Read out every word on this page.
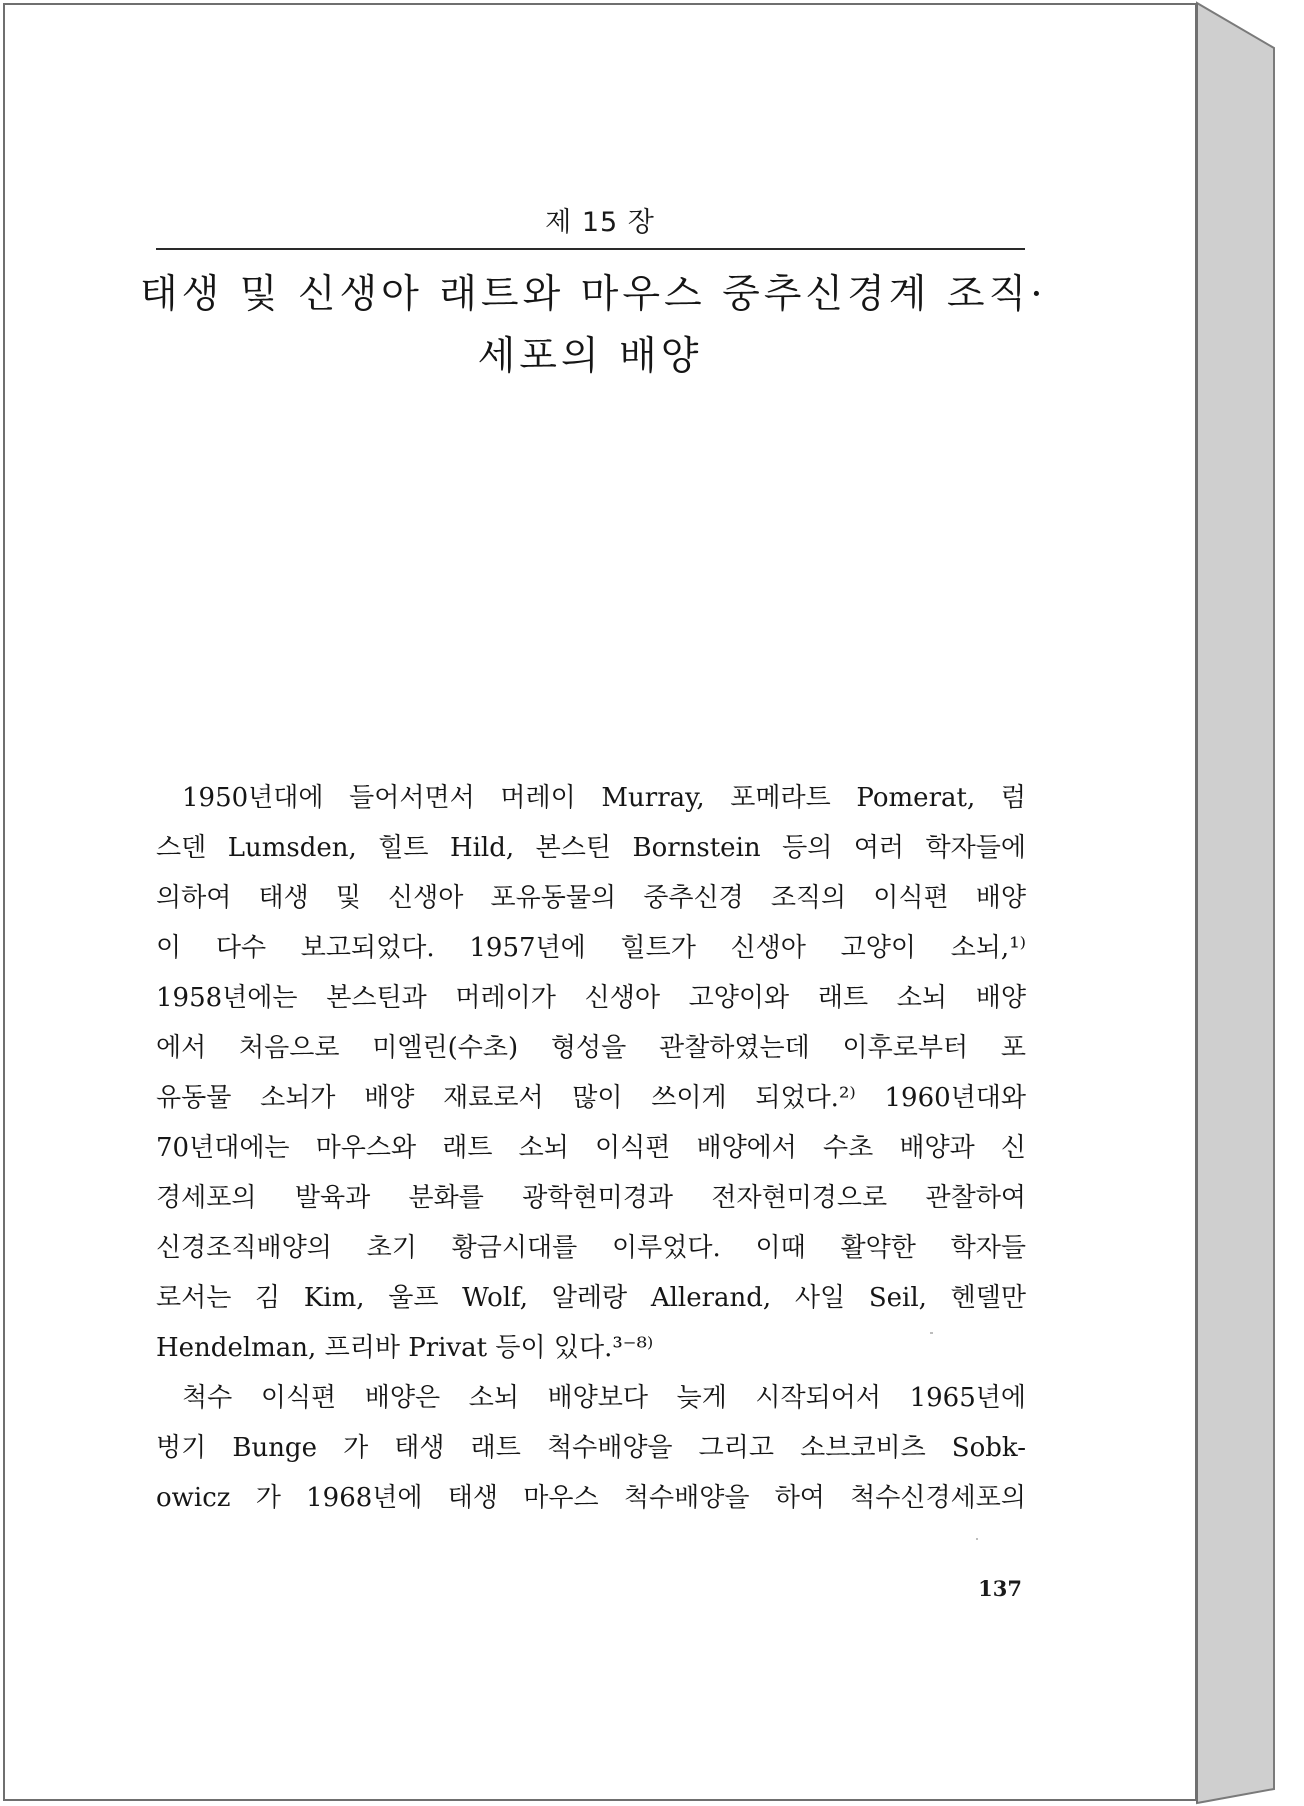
제 15 장
태생 및 신생아 래트와 마우스 중추신경계 조직·
세포의 배양
1950년대에 들어서면서 머레이 Murray, 포메라트 Pomerat, 럼
스덴 Lumsden, 힐트 Hild, 본스틴 Bornstein 등의 여러 학자들에
의하여 태생 및 신생아 포유동물의 중추신경 조직의 이식편 배양
이 다수 보고되었다. 1957년에 힐트가 신생아 고양이 소뇌,¹⁾
1958년에는 본스틴과 머레이가 신생아 고양이와 래트 소뇌 배양
에서 처음으로 미엘린(수초) 형성을 관찰하였는데 이후로부터 포
유동물 소뇌가 배양 재료로서 많이 쓰이게 되었다.²⁾ 1960년대와
70년대에는 마우스와 래트 소뇌 이식편 배양에서 수초 배양과 신
경세포의 발육과 분화를 광학현미경과 전자현미경으로 관찰하여
신경조직배양의 초기 황금시대를 이루었다. 이때 활약한 학자들
로서는 김 Kim, 울프 Wolf, 알레랑 Allerand, 사일 Seil, 헨델만
Hendelman, 프리바 Privat 등이 있다.³⁻⁸⁾
척수 이식편 배양은 소뇌 배양보다 늦게 시작되어서 1965년에
벙기 Bunge 가 태생 래트 척수배양을 그리고 소브코비츠 Sobk-
owicz 가 1968년에 태생 마우스 척수배양을 하여 척수신경세포의
137
